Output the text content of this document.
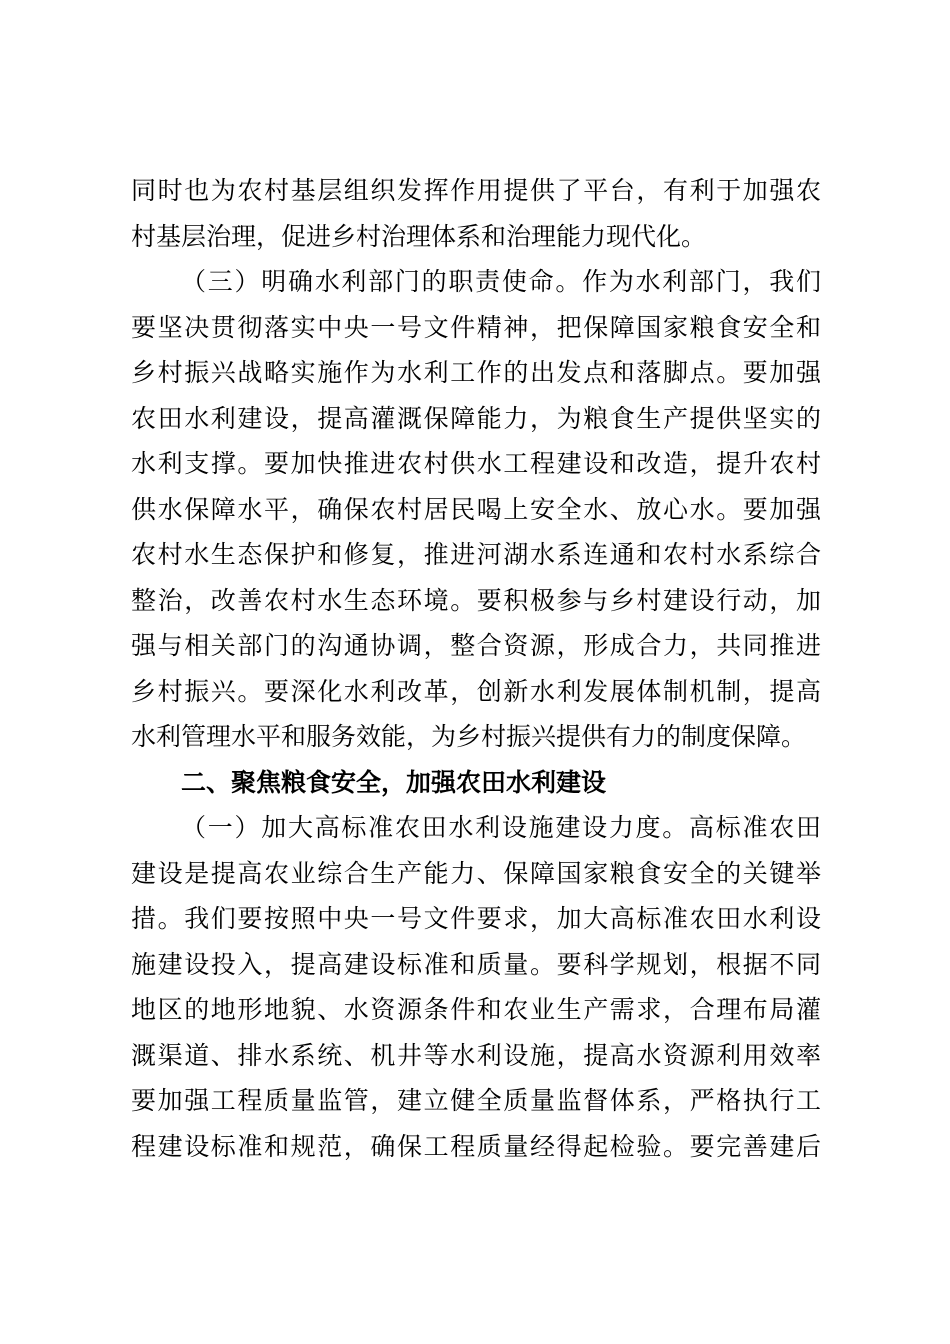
同时也为农村基层组织发挥作用提供了平台，有利于加强农
村基层治理，促进乡村治理体系和治理能力现代化。
（三）明确水利部门的职责使命。作为水利部门，我们
要坚决贯彻落实中央一号文件精神，把保障国家粮食安全和
乡村振兴战略实施作为水利工作的出发点和落脚点。要加强
农田水利建设，提高灌溉保障能力，为粮食生产提供坚实的
水利支撑。要加快推进农村供水工程建设和改造，提升农村
供水保障水平，确保农村居民喝上安全水、放心水。要加强
农村水生态保护和修复，推进河湖水系连通和农村水系综合
整治，改善农村水生态环境。要积极参与乡村建设行动，加
强与相关部门的沟通协调，整合资源，形成合力，共同推进
乡村振兴。要深化水利改革，创新水利发展体制机制，提高
水利管理水平和服务效能，为乡村振兴提供有力的制度保障。
二、聚焦粮食安全，加强农田水利建设
（一）加大高标准农田水利设施建设力度。高标准农田
建设是提高农业综合生产能力、保障国家粮食安全的关键举
措。我们要按照中央一号文件要求，加大高标准农田水利设
施建设投入，提高建设标准和质量。要科学规划，根据不同
地区的地形地貌、水资源条件和农业生产需求，合理布局灌
溉渠道、排水系统、机井等水利设施，提高水资源利用效率
要加强工程质量监管，建立健全质量监督体系，严格执行工
程建设标准和规范，确保工程质量经得起检验。要完善建后
